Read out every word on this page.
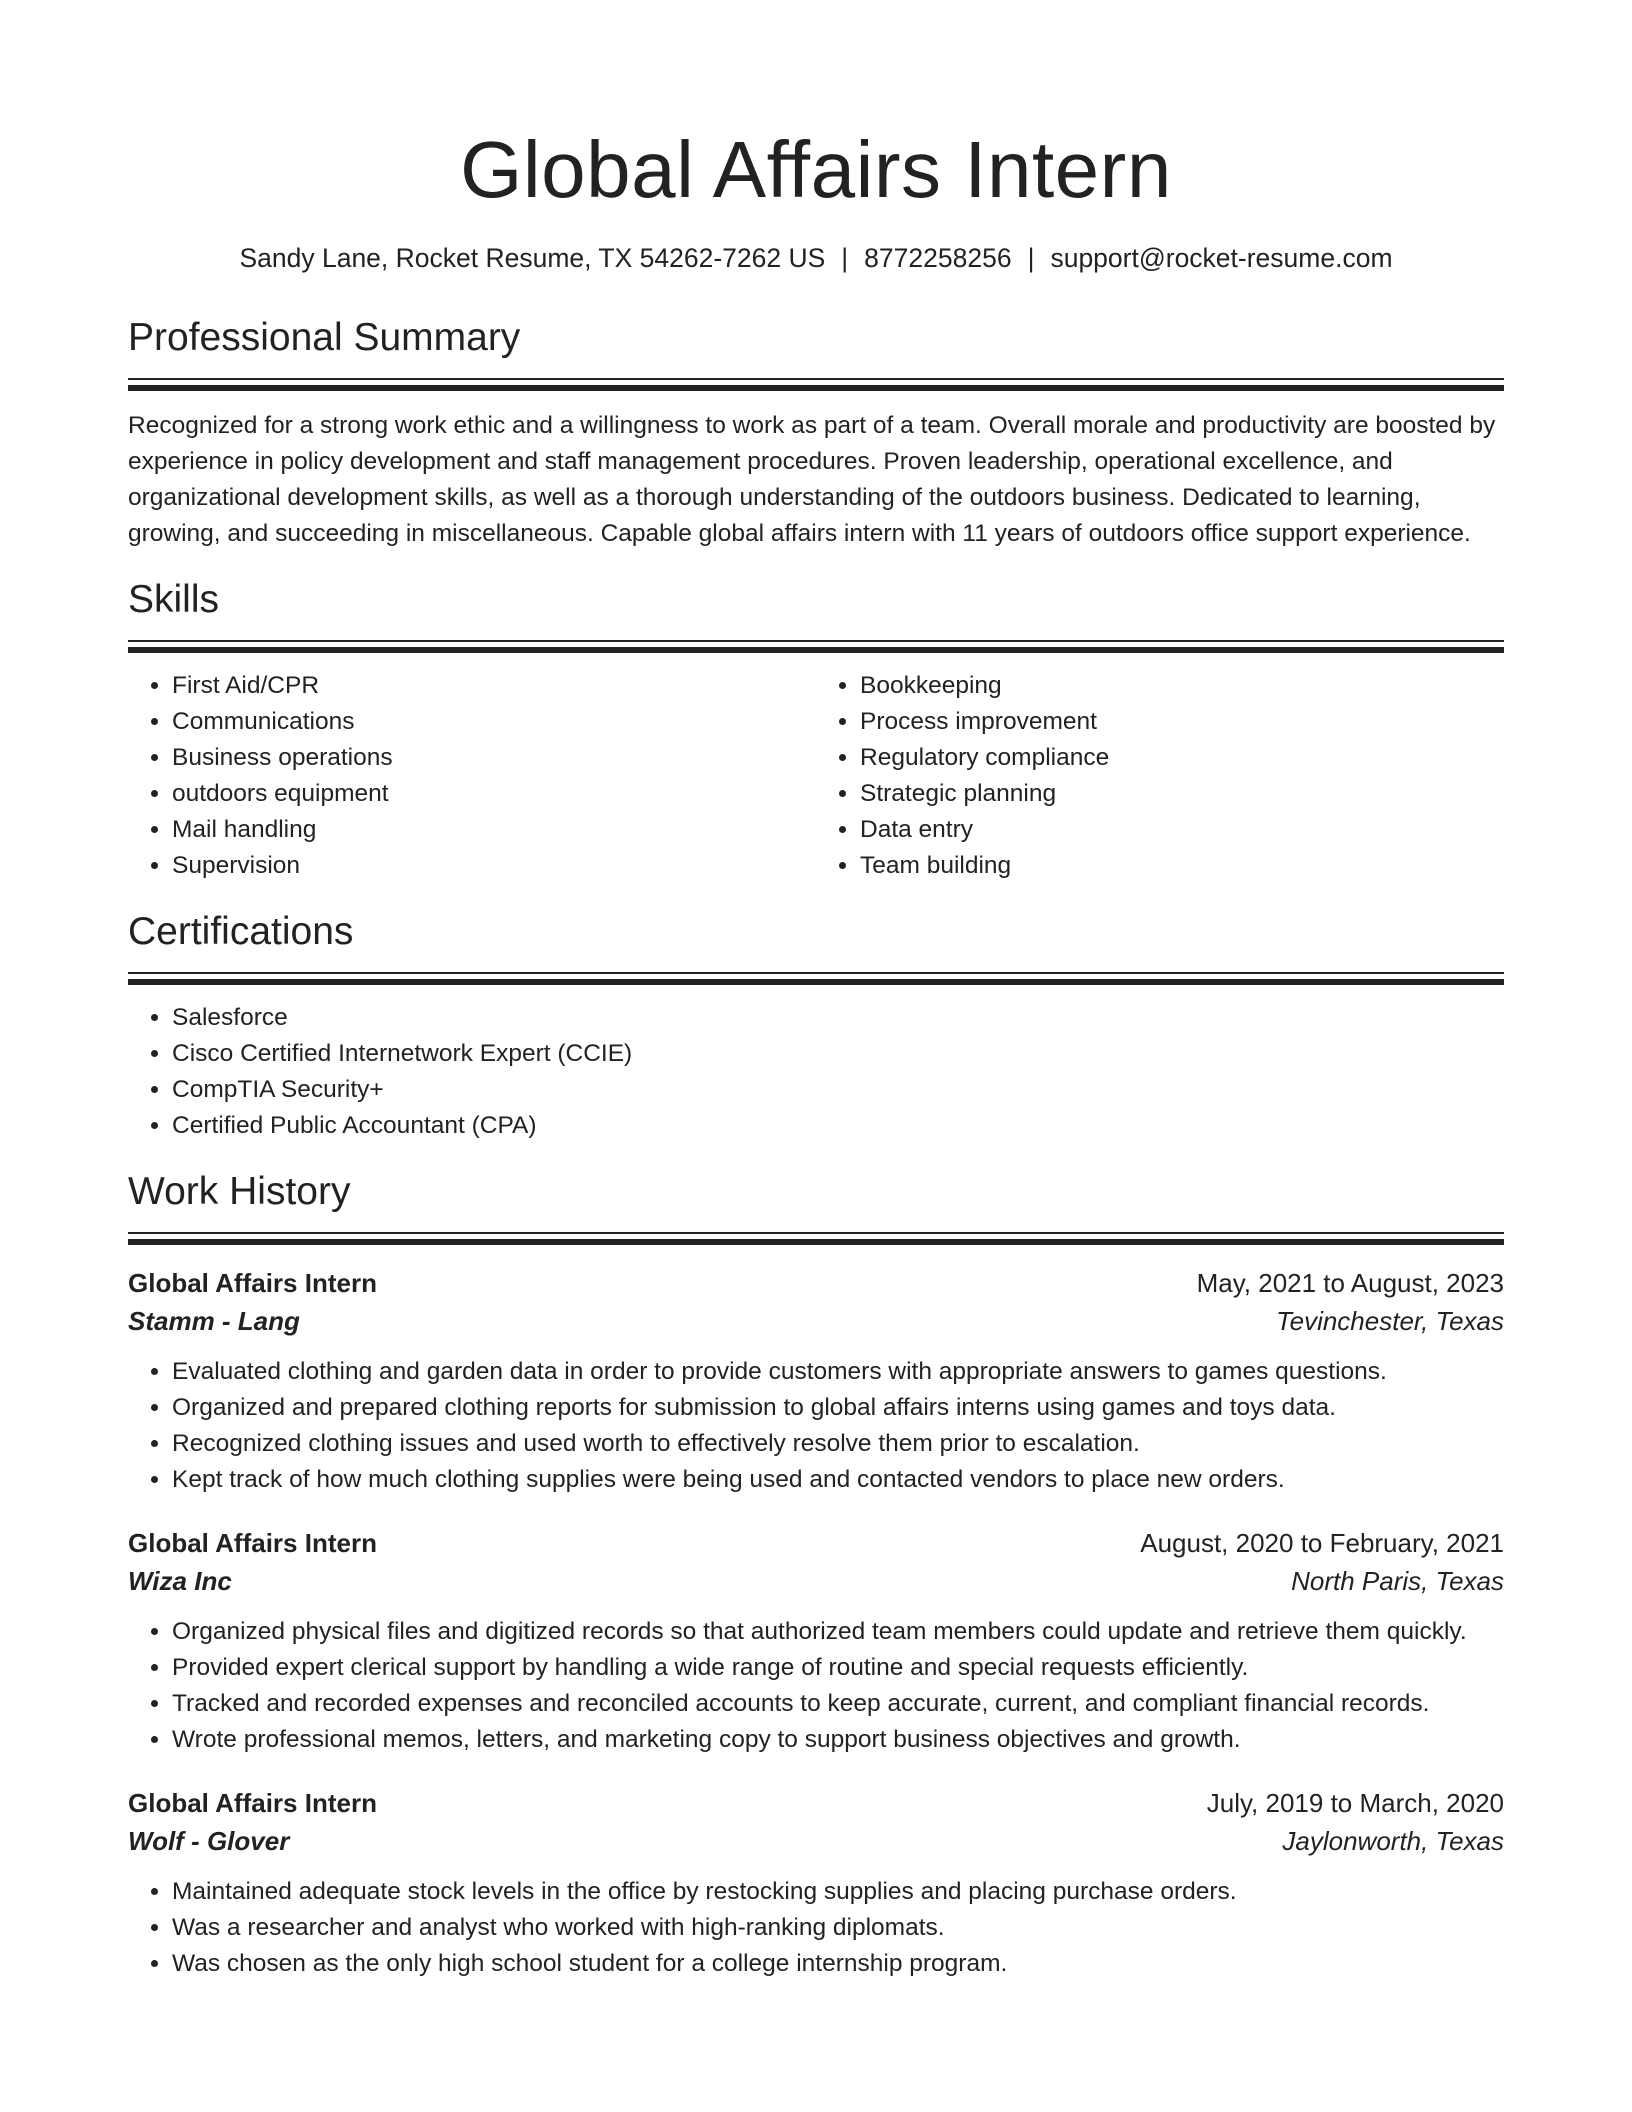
Global Affairs Intern
Sandy Lane, Rocket Resume, TX 54262-7262 US | 8772258256 | support@rocket-resume.com
Professional Summary

Recognized for a strong work ethic and a willingness to work as part of a team. Overall morale and productivity are boosted by experience in policy development and staff management procedures. Proven leadership, operational excellence, and organizational development skills, as well as a thorough understanding of the outdoors business. Dedicated to learning, growing, and succeeding in miscellaneous. Capable global affairs intern with 11 years of outdoors office support experience.

Skills
• First Aid/CPR
• Communications
• Business operations
• outdoors equipment
• Mail handling
• Supervision
• Bookkeeping
• Process improvement
• Regulatory compliance
• Strategic planning
• Data entry
• Team building
Certifications
• Salesforce
• Cisco Certified Internetwork Expert (CCIE)
• CompTIA Security+
• Certified Public Accountant (CPA)
Work History
Global Affairs Intern	May, 2021 to August, 2023
Stamm - Lang	Tevinchester, Texas
• Evaluated clothing and garden data in order to provide customers with appropriate answers to games questions.
• Organized and prepared clothing reports for submission to global affairs interns using games and toys data.
• Recognized clothing issues and used worth to effectively resolve them prior to escalation.
• Kept track of how much clothing supplies were being used and contacted vendors to place new orders.
Global Affairs Intern	August, 2020 to February, 2021
Wiza Inc	North Paris, Texas
• Organized physical files and digitized records so that authorized team members could update and retrieve them quickly.
• Provided expert clerical support by handling a wide range of routine and special requests efficiently.
• Tracked and recorded expenses and reconciled accounts to keep accurate, current, and compliant financial records.
• Wrote professional memos, letters, and marketing copy to support business objectives and growth.
Global Affairs Intern	July, 2019 to March, 2020
Wolf - Glover	Jaylonworth, Texas
• Maintained adequate stock levels in the office by restocking supplies and placing purchase orders.
• Was a researcher and analyst who worked with high-ranking diplomats.
• Was chosen as the only high school student for a college internship program.
